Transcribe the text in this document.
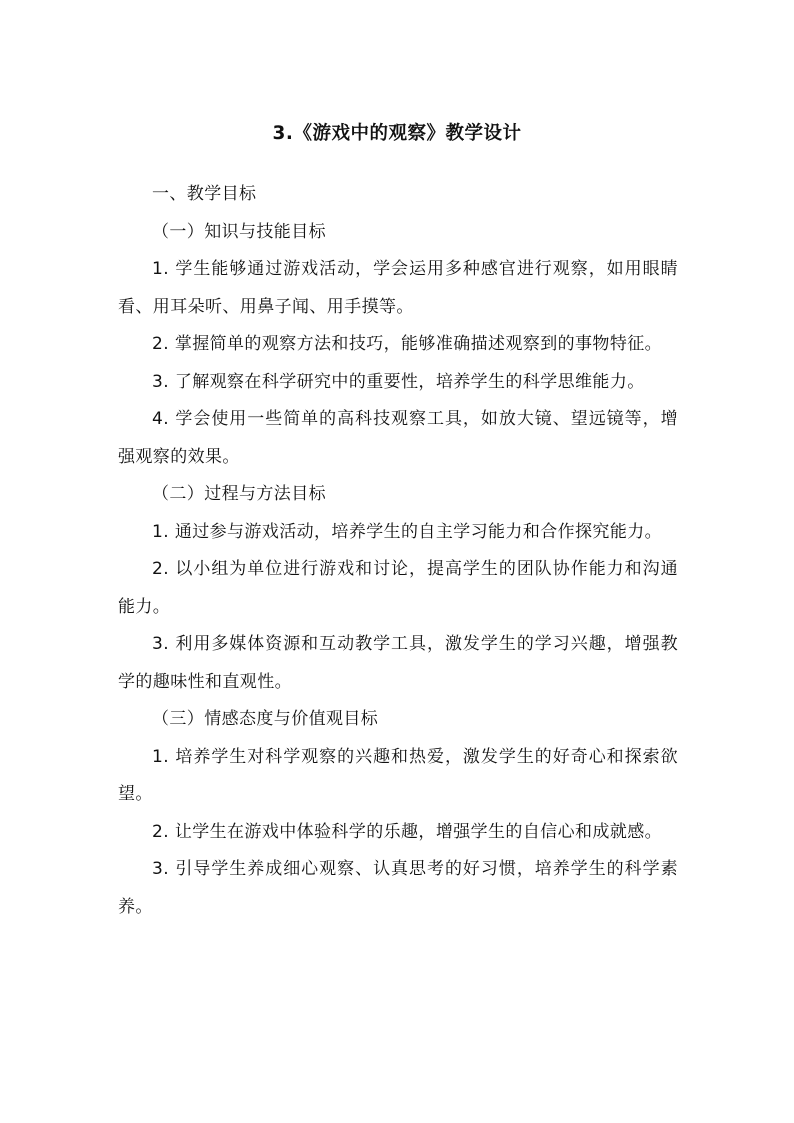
3.《游戏中的观察》教学设计

一、教学目标

（一）知识与技能目标

1. 学生能够通过游戏活动，学会运用多种感官进行观察，如用眼睛看、用耳朵听、用鼻子闻、用手摸等。

2. 掌握简单的观察方法和技巧，能够准确描述观察到的事物特征。

3. 了解观察在科学研究中的重要性，培养学生的科学思维能力。

4. 学会使用一些简单的高科技观察工具，如放大镜、望远镜等，增强观察的效果。

（二）过程与方法目标

1. 通过参与游戏活动，培养学生的自主学习能力和合作探究能力。

2. 以小组为单位进行游戏和讨论，提高学生的团队协作能力和沟通能力。

3. 利用多媒体资源和互动教学工具，激发学生的学习兴趣，增强教学的趣味性和直观性。

（三）情感态度与价值观目标

1. 培养学生对科学观察的兴趣和热爱，激发学生的好奇心和探索欲望。

2. 让学生在游戏中体验科学的乐趣，增强学生的自信心和成就感。

3. 引导学生养成细心观察、认真思考的好习惯，培养学生的科学素养。
